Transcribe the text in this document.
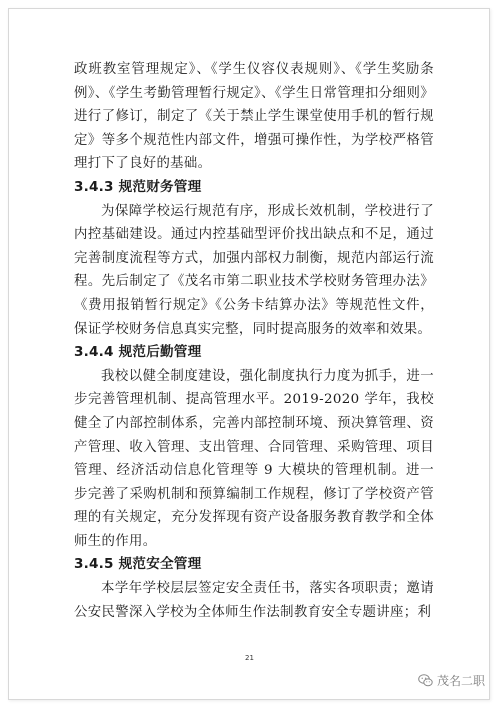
政班教室管理规定》、《学生仪容仪表规则》、《学生奖励条例》、《学生考勤管理暂行规定》、《学生日常管理扣分细则》进行了修订，制定了《关于禁止学生课堂使用手机的暂行规定》等多个规范性内部文件，增强可操作性，为学校严格管理打下了良好的基础。

3.4.3 规范财务管理

为保障学校运行规范有序，形成长效机制，学校进行了内控基础建设。通过内控基础型评价找出缺点和不足，通过完善制度流程等方式，加强内部权力制衡，规范内部运行流程。先后制定了《茂名市第二职业技术学校财务管理办法》《费用报销暂行规定》《公务卡结算办法》等规范性文件，保证学校财务信息真实完整，同时提高服务的效率和效果。

3.4.4 规范后勤管理

我校以健全制度建设，强化制度执行力度为抓手，进一步完善管理机制、提高管理水平。2019-2020 学年，我校健全了内部控制体系，完善内部控制环境、预决算管理、资产管理、收入管理、支出管理、合同管理、采购管理、项目管理、经济活动信息化管理等 9 大模块的管理机制。进一步完善了采购机制和预算编制工作规程，修订了学校资产管理的有关规定，充分发挥现有资产设备服务教育教学和全体师生的作用。

3.4.5 规范安全管理

本学年学校层层签定安全责任书，落实各项职责；邀请公安民警深入学校为全体师生作法制教育安全专题讲座；利

21
茂名二职
